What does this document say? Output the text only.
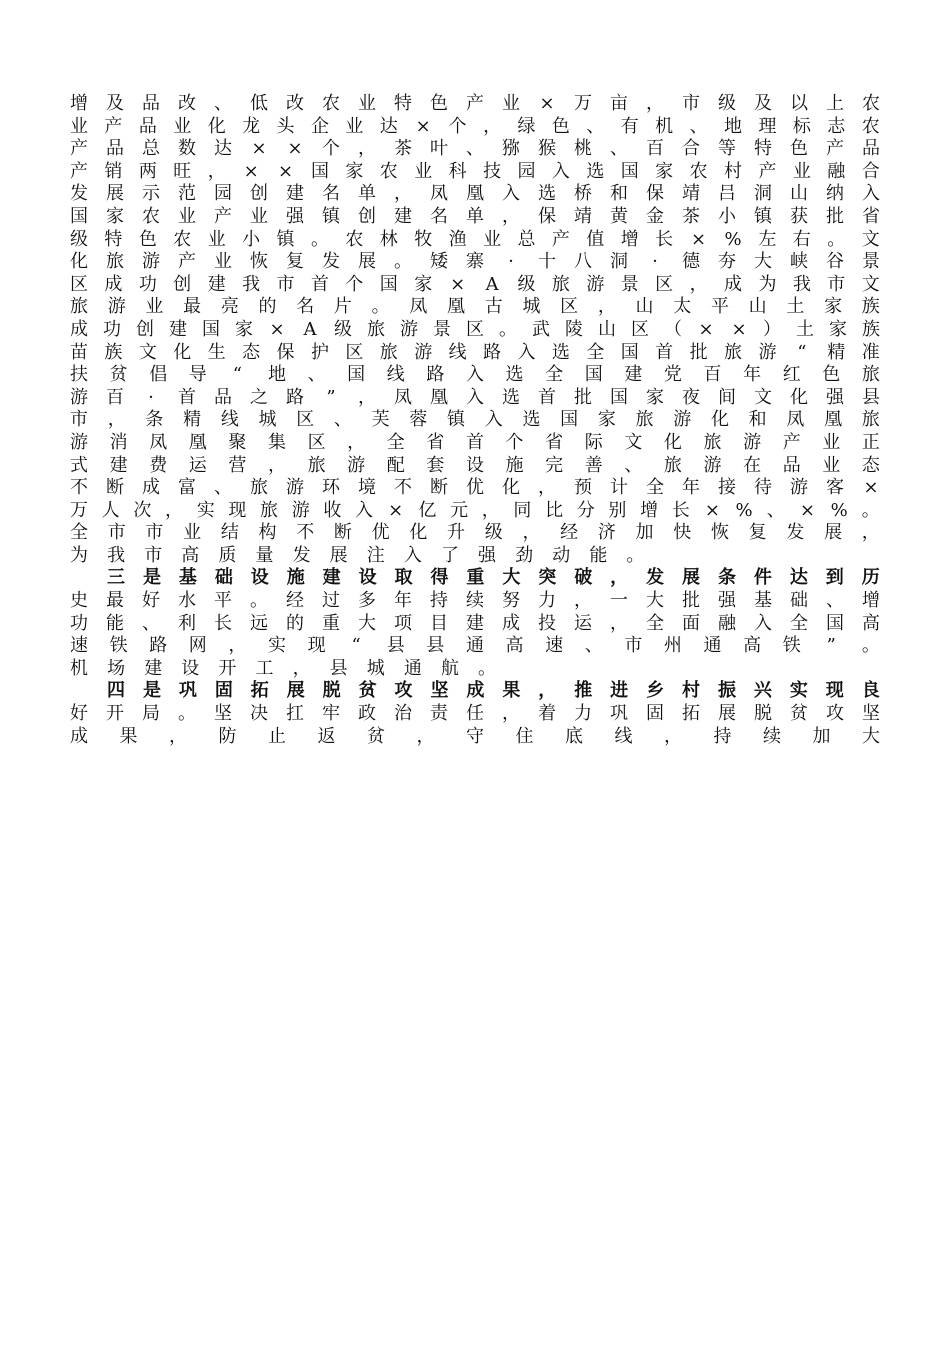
增 及 品 改 、 低 改 农 业 特 色 产 业 × 万 亩 ， 市 级 及 以 上 农
业 产 品 业 化 龙 头 企 业 达 × 个 ， 绿 色 、 有 机 、 地 理 标 志 农
产 品 总 数 达 × × 个 ， 茶 叶 、 猕 猴 桃 、 百 合 等 特 色 产 品
产 销 两 旺 ， × × 国 家 农 业 科 技 园 入 选 国 家 农 村 产 业 融 合
发 展 示 范 园 创 建 名 单 ， 凤 凰 入 选 桥 和 保 靖 吕 洞 山 纳 入
国 家 农 业 产 业 强 镇 创 建 名 单 ， 保 靖 黄 金 茶 小 镇 获 批 省
级 特 色 农 业 小 镇 。 农 林 牧 渔 业 总 产 值 增 长 × % 左 右 。 文
化 旅 游 产 业 恢 复 发 展 。 矮 寨	·	十 八 洞	·	德 夯 大 峡 谷 景
区 成 功 创 建 我 市 首 个 国 家 × A 级 旅 游 景 区 ， 成 为 我 市 文
旅 游 业 最 亮 的 名 片 。 凤 凰 古 城 区 ， 山 太 平 山 土 家 族
成 功 创 建 国 家 × A 级 旅 游 景 区 。 武 陵 山 区 （ × × ） 土 家 族
苗 族 文 化 生 态 保 护 区 旅 游 线 路 入 选 全 国 首 批 旅 游 “ 精 准
扶 贫 倡 导 “ 地 、 国 线 路 入 选 全 国 建 党 百 年 红 色 旅
游 百	·	首 品 之 路 ” ， 凤 凰 入 选 首 批 国 家 夜 间 文 化 强 县
市 ， 条 精 线 城 区 、 芙 蓉 镇 入 选 国 家 旅 游 化 和 凤 凰 旅
游 消 凤 凰 聚 集 区 ， 全 省 首 个 省 际 文 化 旅 游 产 业 正
式 建 费 运 营 ， 旅 游 配 套 设 施 完 善 、 旅 游 在 品 业 态
不 断 成 富 、 旅 游 环 境 不 断 优 化 ， 预 计 全 年 接 待 游 客 ×
万 人 次 ， 实 现 旅 游 收 入 × 亿 元 ， 同 比 分 别 增 长 × % 、 × % 。
全 市 市 业 结 构 不 断 优 化 升 级 ， 经 济 加 快 恢 复 发 展 ，
为 我 市 高 质 量 发 展 注 入 了 强 劲 动 能 。
三 是 基 础 设 施 建 设 取 得 重 大 突 破 ， 发 展 条 件 达 到 历
史 最 好 水 平 。 经 过 多 年 持 续 努 力 ， 一 大 批 强 基 础 、 增
功 能 、 利 长 远 的 重 大 项 目 建 成 投 运 ， 全 面 融 入 全 国 高
速 铁 路 网 ， 实 现 “ 县 县 通 高 速 、 市 州 通 高 铁 ” 。
机 场 建 设 开 工 ， 县 城 通 航 。
四 是 巩 固 拓 展 脱 贫 攻 坚 成 果 ， 推 进 乡 村 振 兴 实 现 良
好 开 局 。 坚 决 扛 牢 政 治 责 任 ， 着 力 巩 固 拓 展 脱 贫 攻 坚
成 果 ， 防 止 返 贫 ， 守 住 底 线 ， 持 续 加 大
